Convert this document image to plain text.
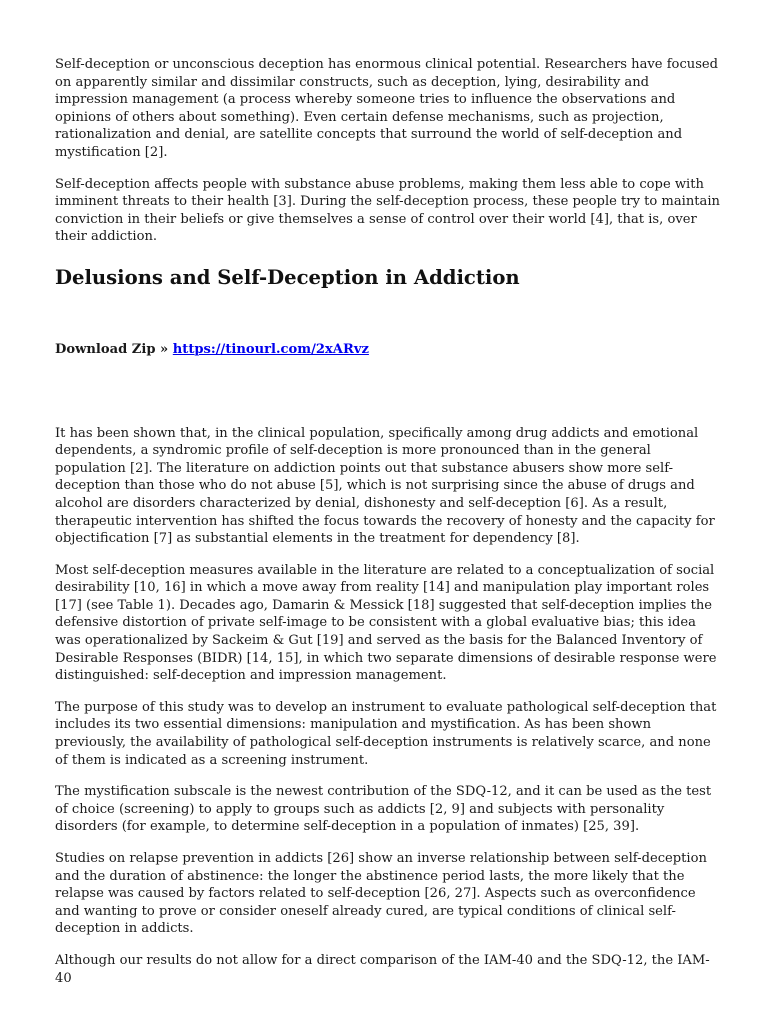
Self-deception or unconscious deception has enormous clinical potential. Researchers have focused on apparently similar and dissimilar constructs, such as deception, lying, desirability and impression management (a process whereby someone tries to influence the observations and opinions of others about something). Even certain defense mechanisms, such as projection, rationalization and denial, are satellite concepts that surround the world of self-deception and mystification [2].

Self-deception affects people with substance abuse problems, making them less able to cope with imminent threats to their health [3]. During the self-deception process, these people try to maintain conviction in their beliefs or give themselves a sense of control over their world [4], that is, over their addiction.

Delusions and Self-Deception in Addiction
Download Zip » https://tinourl.com/2xARvz

It has been shown that, in the clinical population, specifically among drug addicts and emotional dependents, a syndromic profile of self-deception is more pronounced than in the general population [2]. The literature on addiction points out that substance abusers show more self-deception than those who do not abuse [5], which is not surprising since the abuse of drugs and alcohol are disorders characterized by denial, dishonesty and self-deception [6]. As a result, therapeutic intervention has shifted the focus towards the recovery of honesty and the capacity for objectification [7] as substantial elements in the treatment for dependency [8].

Most self-deception measures available in the literature are related to a conceptualization of social desirability [10, 16] in which a move away from reality [14] and manipulation play important roles [17] (see Table 1). Decades ago, Damarin & Messick [18] suggested that self-deception implies the defensive distortion of private self-image to be consistent with a global evaluative bias; this idea was operationalized by Sackeim & Gut [19] and served as the basis for the Balanced Inventory of Desirable Responses (BIDR) [14, 15], in which two separate dimensions of desirable response were distinguished: self-deception and impression management.

The purpose of this study was to develop an instrument to evaluate pathological self-deception that includes its two essential dimensions: manipulation and mystification. As has been shown previously, the availability of pathological self-deception instruments is relatively scarce, and none of them is indicated as a screening instrument.

The mystification subscale is the newest contribution of the SDQ-12, and it can be used as the test of choice (screening) to apply to groups such as addicts [2, 9] and subjects with personality disorders (for example, to determine self-deception in a population of inmates) [25, 39].

Studies on relapse prevention in addicts [26] show an inverse relationship between self-deception and the duration of abstinence: the longer the abstinence period lasts, the more likely that the relapse was caused by factors related to self-deception [26, 27]. Aspects such as overconfidence and wanting to prove or consider oneself already cured, are typical conditions of clinical self-deception in addicts.

Although our results do not allow for a direct comparison of the IAM-40 and the SDQ-12, the IAM-40
